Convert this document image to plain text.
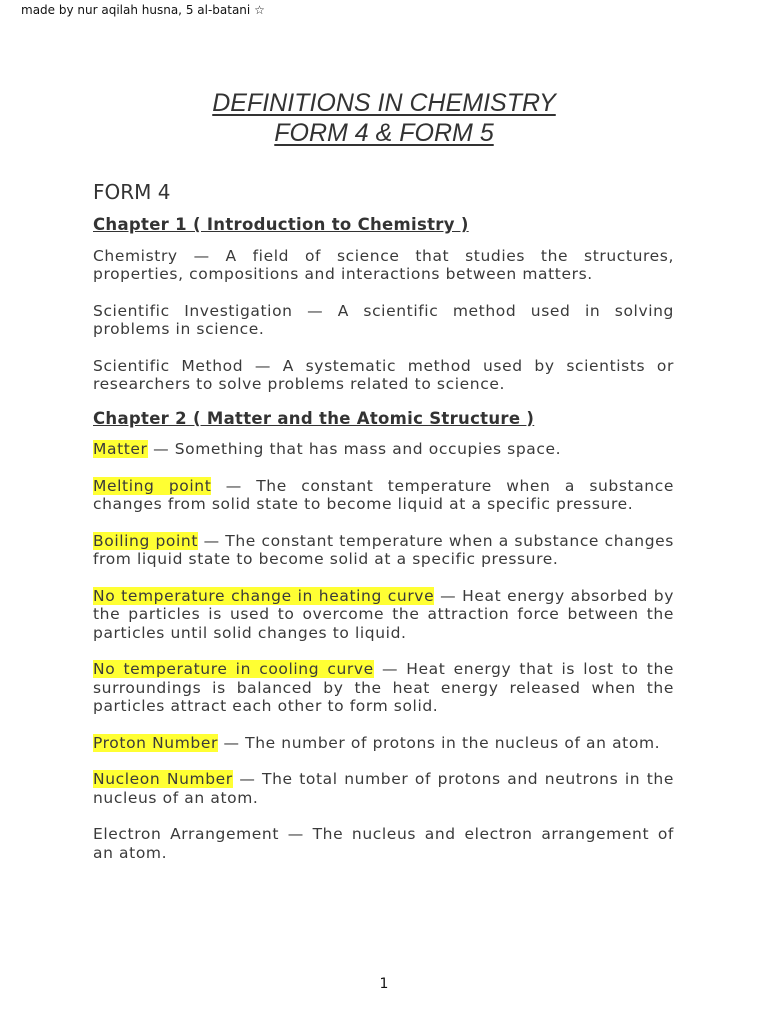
made by nur aqilah husna, 5 al-batani ☆
DEFINITIONS IN CHEMISTRY
FORM 4 & FORM 5
FORM 4
Chapter 1 ( Introduction to Chemistry )

Chemistry — A field of science that studies the structures, properties, compositions and interactions between matters.

Scientific Investigation — A scientific method used in solving problems in science.

Scientific Method — A systematic method used by scientists or researchers to solve problems related to science.

Chapter 2 ( Matter and the Atomic Structure )

Matter — Something that has mass and occupies space.

Melting point — The constant temperature when a substance changes from solid state to become liquid at a specific pressure.

Boiling point — The constant temperature when a substance changes from liquid state to become solid at a specific pressure.

No temperature change in heating curve — Heat energy absorbed by the particles is used to overcome the attraction force between the particles until solid changes to liquid.

No temperature in cooling curve — Heat energy that is lost to the surroundings is balanced by the heat energy released when the particles attract each other to form solid.

Proton Number — The number of protons in the nucleus of an atom.

Nucleon Number — The total number of protons and neutrons in the nucleus of an atom.

Electron Arrangement — The nucleus and electron arrangement of an atom.

1
